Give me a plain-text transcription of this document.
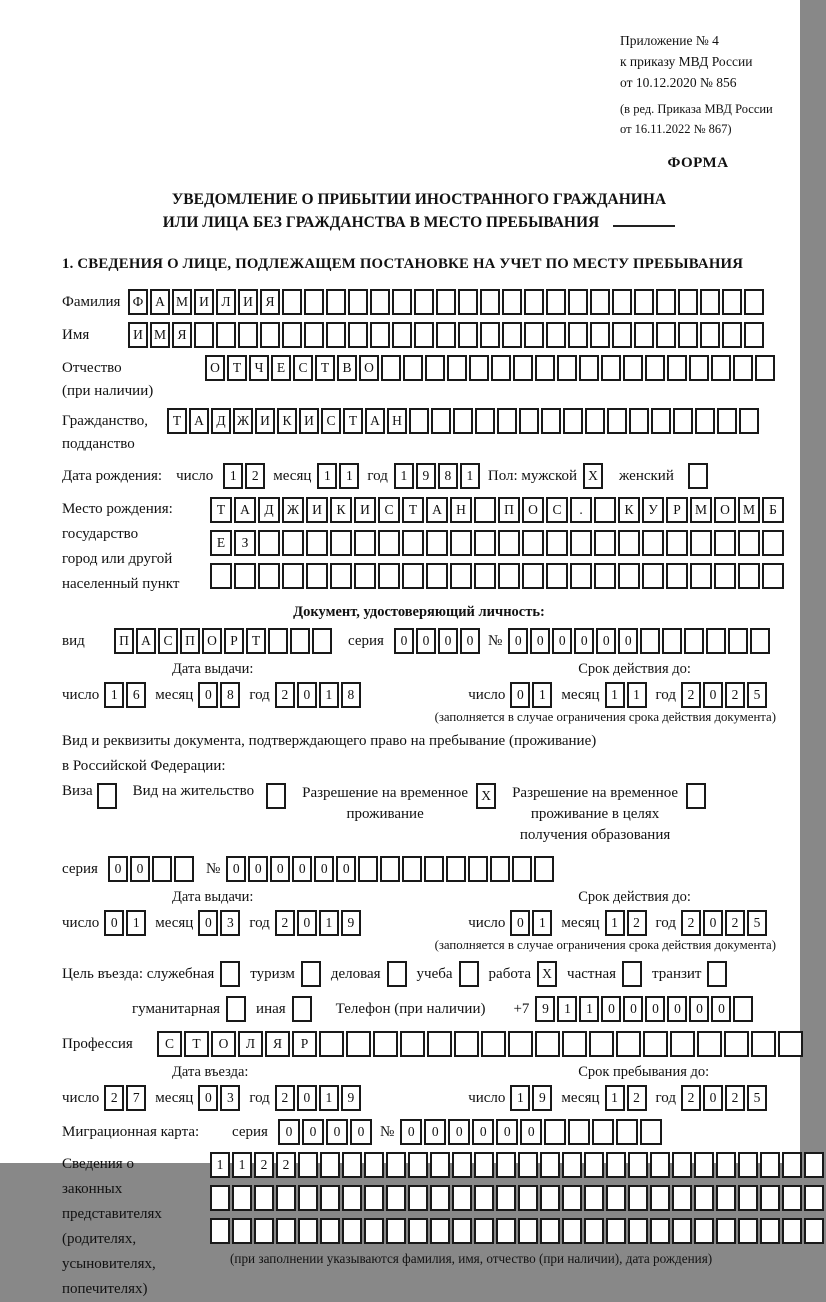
Приложение № 4
к приказу МВД России
от 10.12.2020 № 856
(в ред. Приказа МВД России
от 16.11.2022 № 867)
ФОРМА
УВЕДОМЛЕНИЕ О ПРИБЫТИИ ИНОСТРАННОГО ГРАЖДАНИНА
ИЛИ ЛИЦА БЕЗ ГРАЖДАНСТВА В МЕСТО ПРЕБЫВАНИЯ
1. СВЕДЕНИЯ О ЛИЦЕ, ПОДЛЕЖАЩЕМ ПОСТАНОВКЕ НА УЧЕТ ПО МЕСТУ ПРЕБЫВАНИЯ
Фамилия Ф А М И Л И Я
Имя	И М Я
Отчество	О Т Ч Е С Т В О
(при наличии)
Гражданство,	Т А Д Ж И К И С Т А Н
подданство
Дата рождения: число	1	2 месяц 1	1 год 1	9	8	1 Пол: мужской X	женский
Место рождения:
государство
город или другой
населенный пункт
Т	А	Д Ж И	К	И	С	Т	А	Н	П	О	С	.	К	У	Р	М О М	Б
Е	З
Документ, удостоверяющий личность:
вид	П А С П О Р	Т	серия	0	0	0	0 № 0	0	0	0	0	0
Дата выдачи:
число 1	6	месяц 0	8	год 2	0	1	8
Срок действия до:
число 0	1	месяц 1	1	год 2	0	2	5
(заполняется в случае ограничения срока действия документа)
Вид и реквизиты документа, подтверждающего право на пребывание (проживание)
в Российской Федерации:
Виза	Вид на жительство	Разрешение на временное
проживание
X	Разрешение на временное
проживание в целях
получения образования
серия	0	0	№ 0	0	0	0	0	0
Дата выдачи:
число 0	1	месяц 0	3	год 2	0	1	9
Срок действия до:
число 0	1	месяц 1	2	год 2	0	2	5
(заполняется в случае ограничения срока действия документа)
Цель въезда: служебная туризм деловая учеба работа X	частная транзит
гуманитарная иная	Телефон (при наличии) +7 9	1	1	0	0	0	0	0	0
Профессия	С	Т	О	Л	Я	Р
Дата въезда:
число 2	7	месяц 0	3	год 2	0	1	9
Срок пребывания до:
число 1	9	месяц 1	2	год 2	0	2	5
Миграционная карта:	серия	0	0	0	0	№	0	0	0	0	0	0
Сведения о
законных
представителях
(родителях,
усыновителях,
попечителях)
1	1	2	2
(при заполнении указываются фамилия, имя, отчество (при наличии), дата рождения)
